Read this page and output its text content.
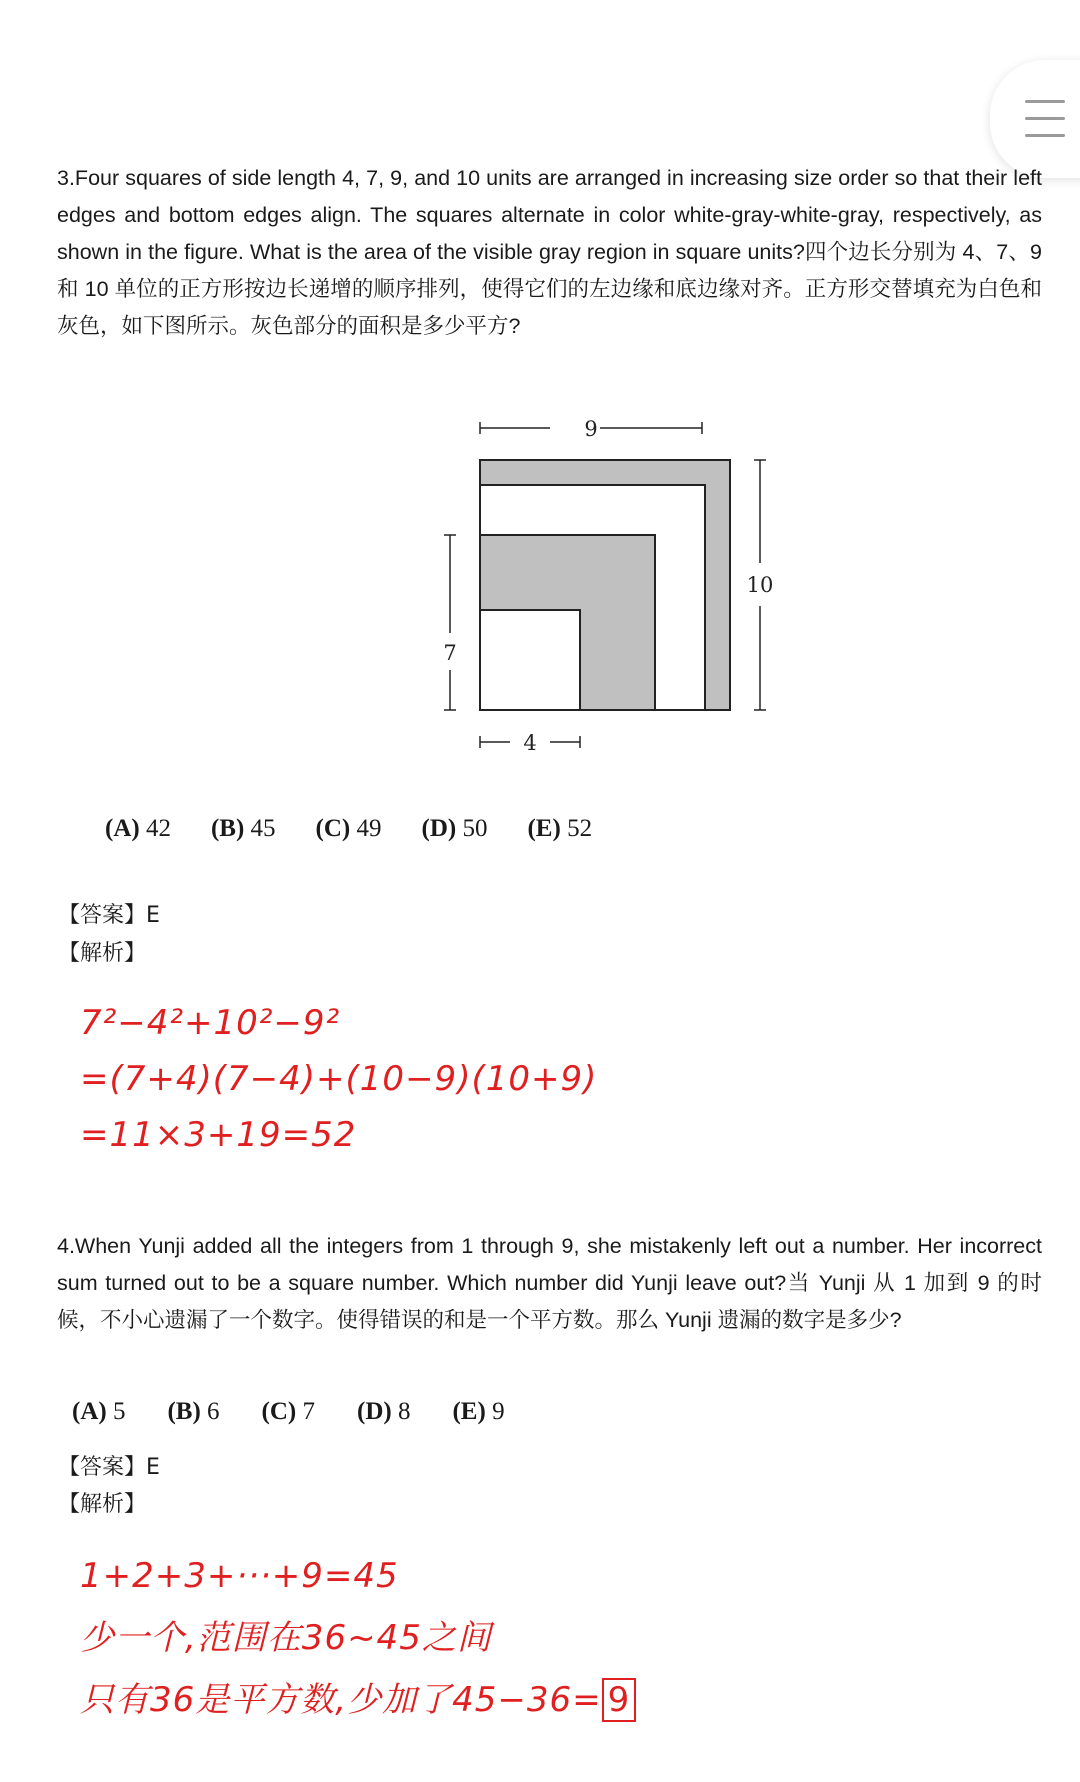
3.Four squares of side length 4, 7, 9, and 10 units are arranged in increasing size order so that their left edges and bottom edges align. The squares alternate in color white-gray-white-gray, respectively, as shown in the figure. What is the area of the visible gray region in square units?四个边长分别为 4、7、9 和 10 单位的正方形按边长递增的顺序排列，使得它们的左边缘和底边缘对齐。正方形交替填充为白色和灰色，如下图所示。灰色部分的面积是多少平方?

9
10
7
4
(A) 42 (B) 45 (C) 49 (D) 50 (E) 52

【答案】E

【解析】

7²−4²+10²−9²
=(7+4)(7−4)+(10−9)(10+9)
=11×3+19=52

4.When Yunji added all the integers from 1 through 9, she mistakenly left out a number. Her incorrect sum turned out to be a square number. Which number did Yunji leave out?当 Yunji 从 1 加到 9 的时候，不小心遗漏了一个数字。使得错误的和是一个平方数。那么 Yunji 遗漏的数字是多少?

(A) 5 (B) 6 (C) 7 (D) 8 (E) 9

【答案】E

【解析】

1+2+3+···+9=45
少一个,范围在36~45之间
只有36是平方数,少加了45−36= 9
